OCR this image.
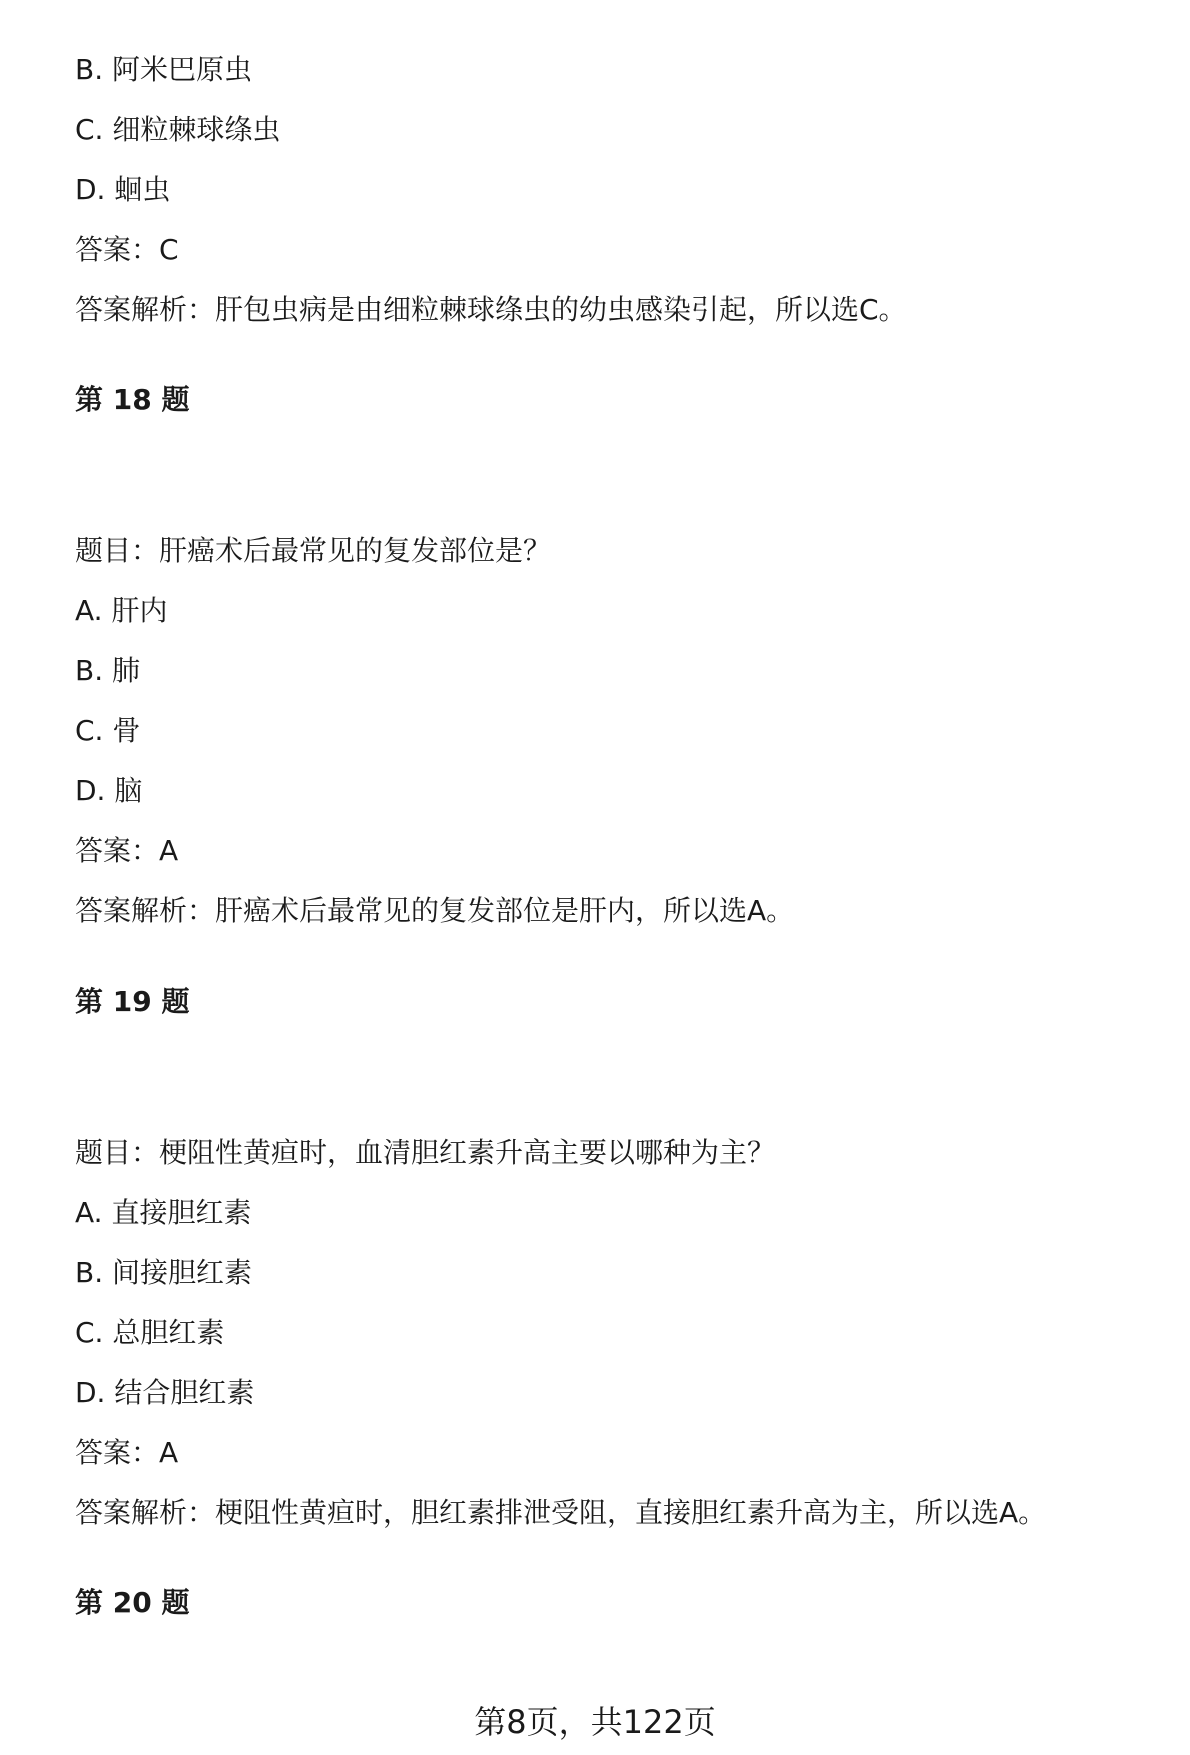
B. 阿米巴原虫
C. 细粒棘球绦虫
D. 蛔虫
答案：C
答案解析：肝包虫病是由细粒棘球绦虫的幼虫感染引起，所以选C。
第 18 题
题目：肝癌术后最常见的复发部位是？
A. 肝内
B. 肺
C. 骨
D. 脑
答案：A
答案解析：肝癌术后最常见的复发部位是肝内，所以选A。
第 19 题
题目：梗阻性黄疸时，血清胆红素升高主要以哪种为主？
A. 直接胆红素
B. 间接胆红素
C. 总胆红素
D. 结合胆红素
答案：A
答案解析：梗阻性黄疸时，胆红素排泄受阻，直接胆红素升高为主，所以选A。
第 20 题
第8页，共122页
